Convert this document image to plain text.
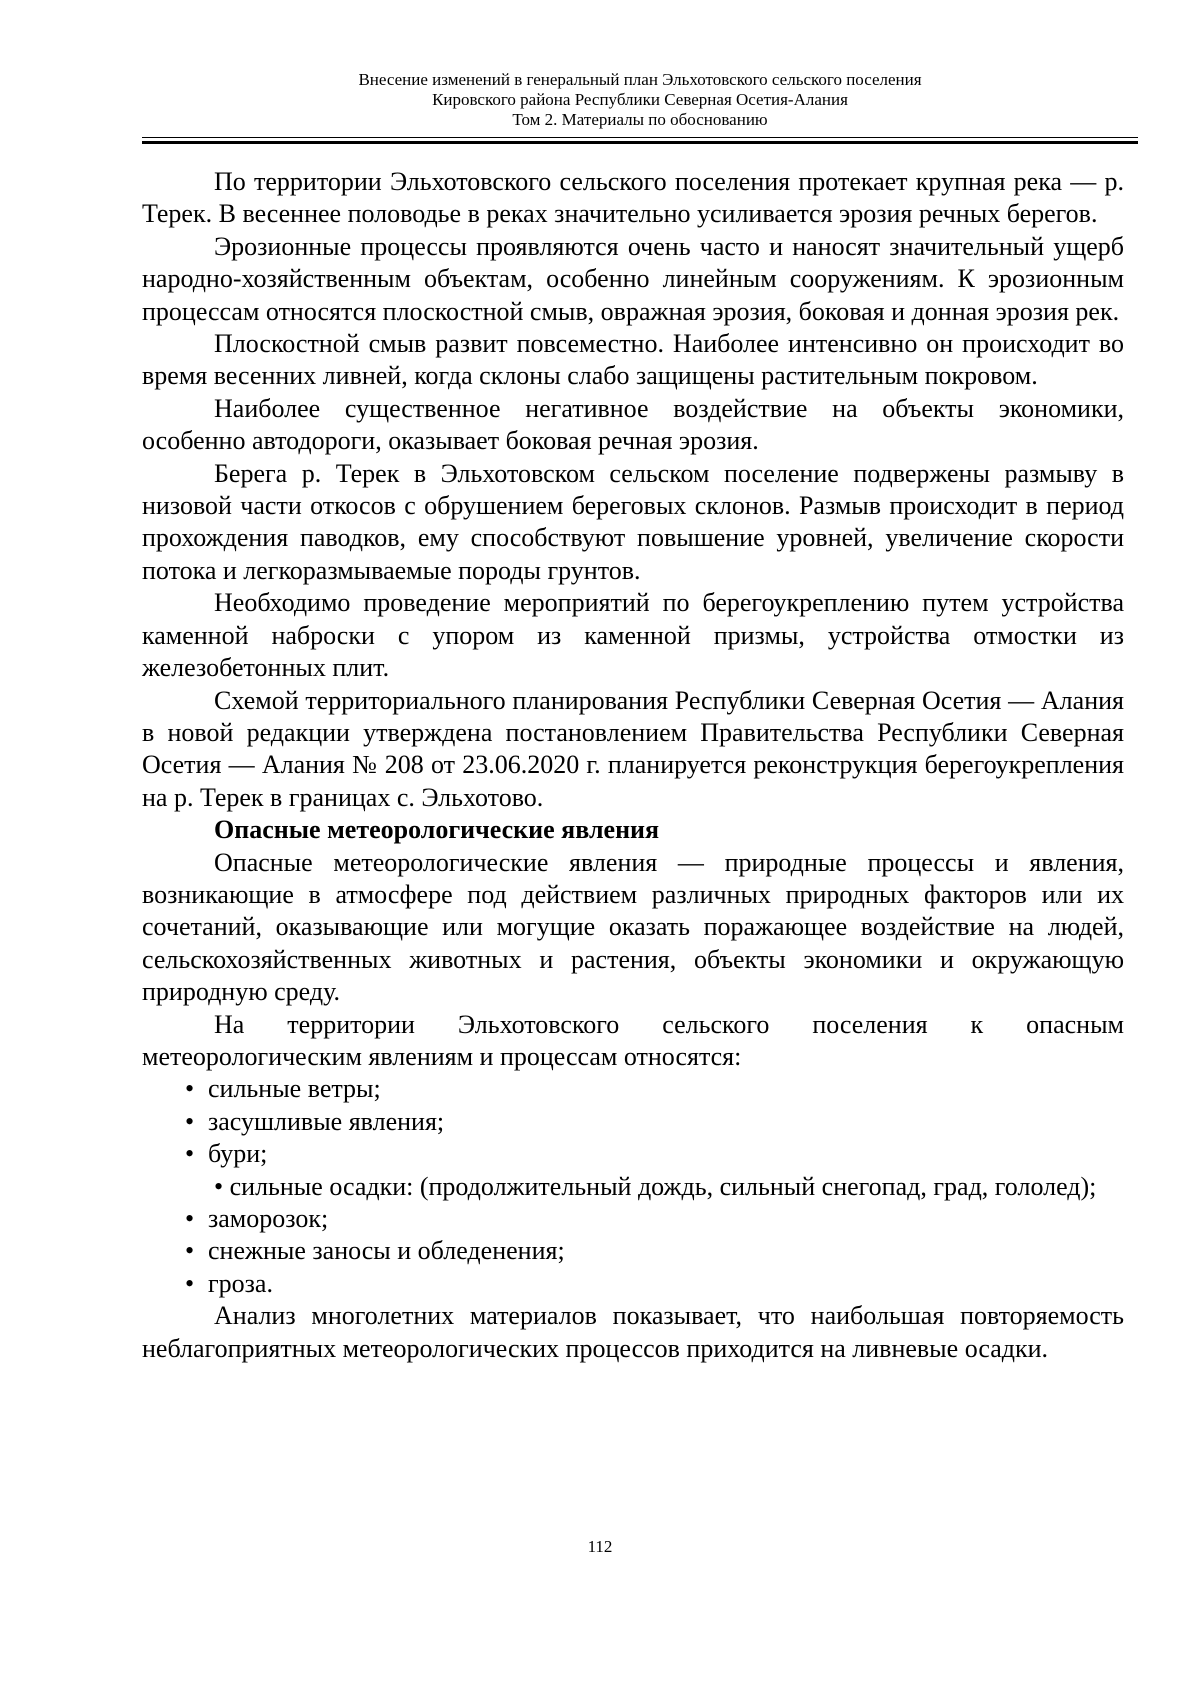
Внесение изменений в генеральный план Эльхотовского сельского поселения
Кировского района Республики Северная Осетия-Алания
Том 2. Материалы по обоснованию

По территории Эльхотовского сельского поселения протекает крупная река — р. Терек. В весеннее половодье в реках значительно усиливается эрозия речных берегов.

Эрозионные процессы проявляются очень часто и наносят значительный ущерб народно-хозяйственным объектам, особенно линейным сооружениям. К эрозионным процессам относятся плоскостной смыв, овражная эрозия, боковая и донная эрозия рек.

Плоскостной смыв развит повсеместно. Наиболее интенсивно он происходит во время весенних ливней, когда склоны слабо защищены растительным покровом.

Наиболее существенное негативное воздействие на объекты экономики, особенно автодороги, оказывает боковая речная эрозия.

Берега р. Терек в Эльхотовском сельском поселение подвержены размыву в низовой части откосов с обрушением береговых склонов. Размыв происходит в период прохождения паводков, ему способствуют повышение уровней, увеличение скорости потока и легкоразмываемые породы грунтов.

Необходимо проведение мероприятий по берегоукреплению путем устройства каменной наброски с упором из каменной призмы, устройства отмостки из железобетонных плит.

Схемой территориального планирования Республики Северная Осетия — Алания в новой редакции утверждена постановлением Правительства Республики Северная Осетия — Алания № 208 от 23.06.2020 г. планируется реконструкция берегоукрепления на р. Терек в границах с. Эльхотово.

Опасные метеорологические явления

Опасные метеорологические явления — природные процессы и явления, возникающие в атмосфере под действием различных природных факторов или их сочетаний, оказывающие или могущие оказать поражающее воздействие на людей, сельскохозяйственных животных и растения, объекты экономики и окружающую природную среду.

На территории Эльхотовского сельского поселения к опасным метеорологическим явлениям и процессам относятся:

• сильные ветры;
• засушливые явления;
• бури;

• сильные осадки: (продолжительный дождь, сильный снегопад, град, гололед);

• заморозок;
• снежные заносы и обледенения;
• гроза.

Анализ многолетних материалов показывает, что наибольшая повторяемость неблагоприятных метеорологических процессов приходится на ливневые осадки.

112
